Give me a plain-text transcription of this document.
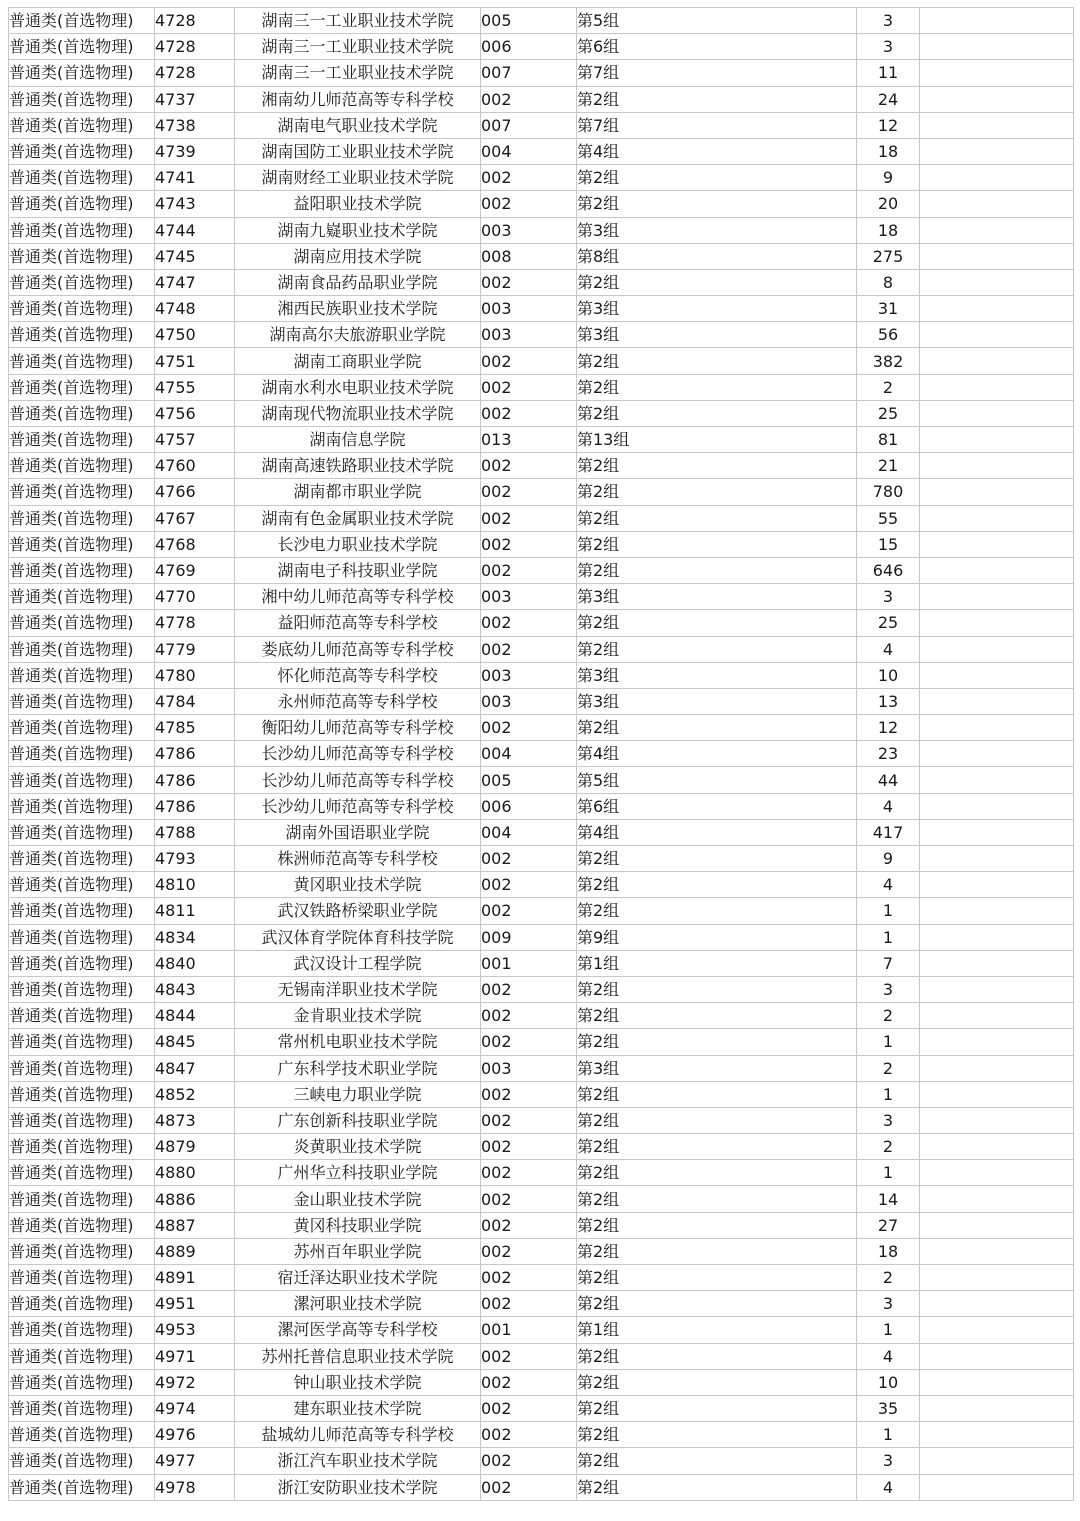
普通类(首选物理)	4728	湖南三一工业职业技术学院	005	第5组	3	
普通类(首选物理)	4728	湖南三一工业职业技术学院	006	第6组	3	
普通类(首选物理)	4728	湖南三一工业职业技术学院	007	第7组	11	
普通类(首选物理)	4737	湘南幼儿师范高等专科学校	002	第2组	24	
普通类(首选物理)	4738	湖南电气职业技术学院	007	第7组	12	
普通类(首选物理)	4739	湖南国防工业职业技术学院	004	第4组	18	
普通类(首选物理)	4741	湖南财经工业职业技术学院	002	第2组	9	
普通类(首选物理)	4743	益阳职业技术学院	002	第2组	20	
普通类(首选物理)	4744	湖南九嶷职业技术学院	003	第3组	18	
普通类(首选物理)	4745	湖南应用技术学院	008	第8组	275	
普通类(首选物理)	4747	湖南食品药品职业学院	002	第2组	8	
普通类(首选物理)	4748	湘西民族职业技术学院	003	第3组	31	
普通类(首选物理)	4750	湖南高尔夫旅游职业学院	003	第3组	56	
普通类(首选物理)	4751	湖南工商职业学院	002	第2组	382	
普通类(首选物理)	4755	湖南水利水电职业技术学院	002	第2组	2	
普通类(首选物理)	4756	湖南现代物流职业技术学院	002	第2组	25	
普通类(首选物理)	4757	湖南信息学院	013	第13组	81	
普通类(首选物理)	4760	湖南高速铁路职业技术学院	002	第2组	21	
普通类(首选物理)	4766	湖南都市职业学院	002	第2组	780	
普通类(首选物理)	4767	湖南有色金属职业技术学院	002	第2组	55	
普通类(首选物理)	4768	长沙电力职业技术学院	002	第2组	15	
普通类(首选物理)	4769	湖南电子科技职业学院	002	第2组	646	
普通类(首选物理)	4770	湘中幼儿师范高等专科学校	003	第3组	3	
普通类(首选物理)	4778	益阳师范高等专科学校	002	第2组	25	
普通类(首选物理)	4779	娄底幼儿师范高等专科学校	002	第2组	4	
普通类(首选物理)	4780	怀化师范高等专科学校	003	第3组	10	
普通类(首选物理)	4784	永州师范高等专科学校	003	第3组	13	
普通类(首选物理)	4785	衡阳幼儿师范高等专科学校	002	第2组	12	
普通类(首选物理)	4786	长沙幼儿师范高等专科学校	004	第4组	23	
普通类(首选物理)	4786	长沙幼儿师范高等专科学校	005	第5组	44	
普通类(首选物理)	4786	长沙幼儿师范高等专科学校	006	第6组	4	
普通类(首选物理)	4788	湖南外国语职业学院	004	第4组	417	
普通类(首选物理)	4793	株洲师范高等专科学校	002	第2组	9	
普通类(首选物理)	4810	黄冈职业技术学院	002	第2组	4	
普通类(首选物理)	4811	武汉铁路桥梁职业学院	002	第2组	1	
普通类(首选物理)	4834	武汉体育学院体育科技学院	009	第9组	1	
普通类(首选物理)	4840	武汉设计工程学院	001	第1组	7	
普通类(首选物理)	4843	无锡南洋职业技术学院	002	第2组	3	
普通类(首选物理)	4844	金肯职业技术学院	002	第2组	2	
普通类(首选物理)	4845	常州机电职业技术学院	002	第2组	1	
普通类(首选物理)	4847	广东科学技术职业学院	003	第3组	2	
普通类(首选物理)	4852	三峡电力职业学院	002	第2组	1	
普通类(首选物理)	4873	广东创新科技职业学院	002	第2组	3	
普通类(首选物理)	4879	炎黄职业技术学院	002	第2组	2	
普通类(首选物理)	4880	广州华立科技职业学院	002	第2组	1	
普通类(首选物理)	4886	金山职业技术学院	002	第2组	14	
普通类(首选物理)	4887	黄冈科技职业学院	002	第2组	27	
普通类(首选物理)	4889	苏州百年职业学院	002	第2组	18	
普通类(首选物理)	4891	宿迁泽达职业技术学院	002	第2组	2	
普通类(首选物理)	4951	漯河职业技术学院	002	第2组	3	
普通类(首选物理)	4953	漯河医学高等专科学校	001	第1组	1	
普通类(首选物理)	4971	苏州托普信息职业技术学院	002	第2组	4	
普通类(首选物理)	4972	钟山职业技术学院	002	第2组	10	
普通类(首选物理)	4974	建东职业技术学院	002	第2组	35	
普通类(首选物理)	4976	盐城幼儿师范高等专科学校	002	第2组	1	
普通类(首选物理)	4977	浙江汽车职业技术学院	002	第2组	3	
普通类(首选物理)	4978	浙江安防职业技术学院	002	第2组	4	
